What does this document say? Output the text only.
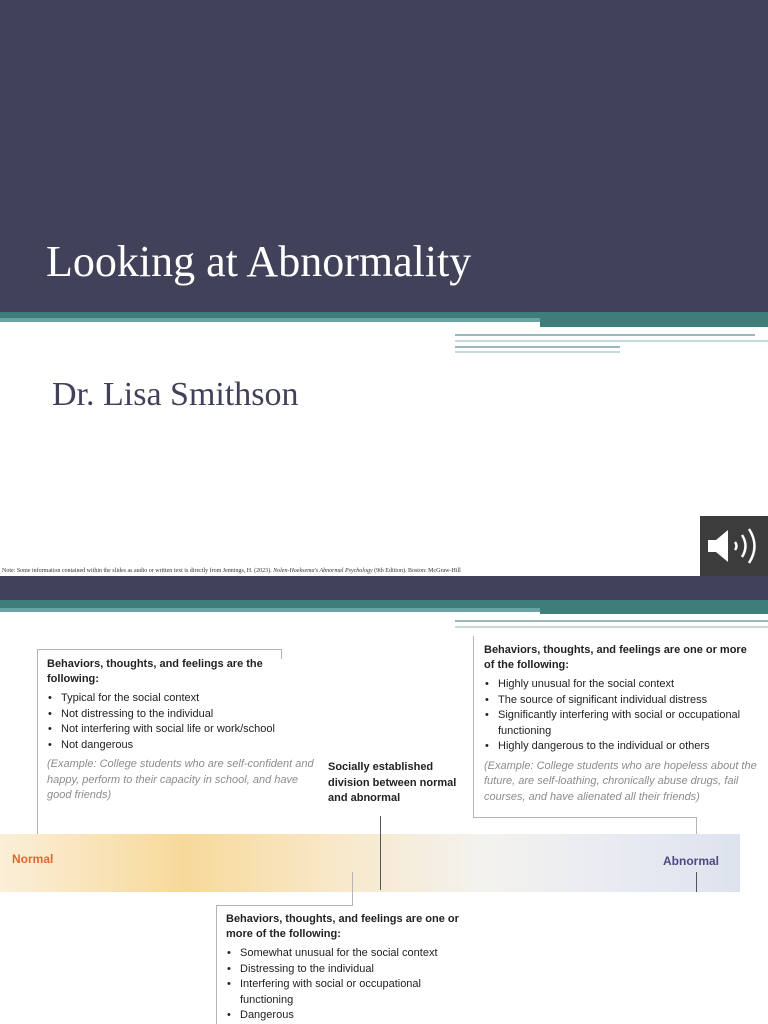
Looking at Abnormality
Dr. Lisa Smithson
Note: Some information contained within the slides as audio or written text is directly from Jennings, H. (2023). Nolen-Hoeksema's Abnormal Psychology (9th Edition). Boston: McGraw-Hill
Behaviors, thoughts, and feelings are the following:
• Typical for the social context
• Not distressing to the individual
• Not interfering with social life or work/school
• Not dangerous
(Example: College students who are self-confident and happy, perform to their capacity in school, and have good friends)
Behaviors, thoughts, and feelings are one or more of the following:
• Highly unusual for the social context
• The source of significant individual distress
• Significantly interfering with social or occupational functioning
• Highly dangerous to the individual or others
(Example: College students who are hopeless about the future, are self-loathing, chronically abuse drugs, fail courses, and have alienated all their friends)
Socially established division between normal and abnormal
Normal	Abnormal
Behaviors, thoughts, and feelings are one or more of the following:
• Somewhat unusual for the social context
• Distressing to the individual
• Interfering with social or occupational functioning
• Dangerous
